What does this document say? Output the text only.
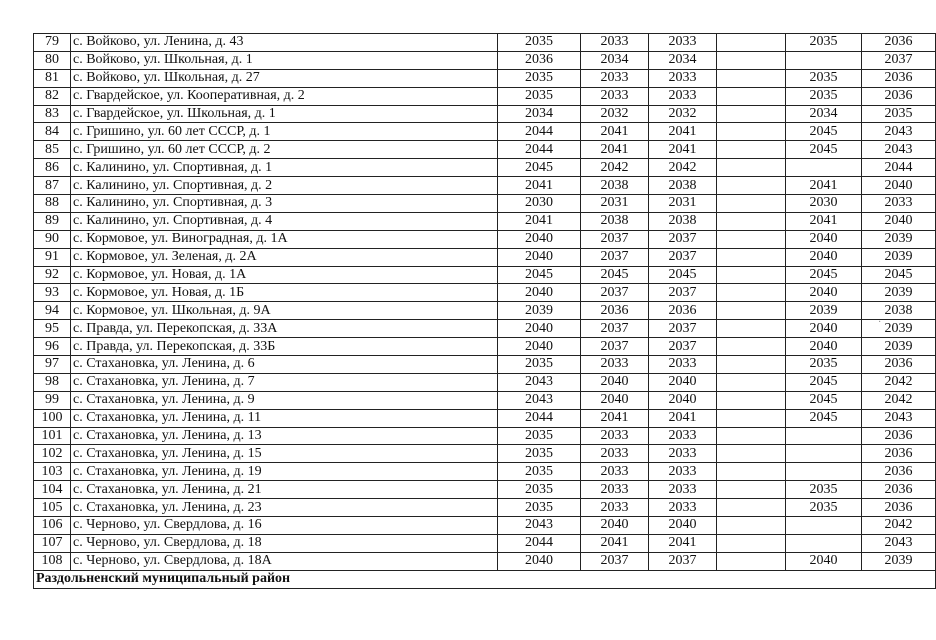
79	с. Войково, ул. Ленина, д. 43	2035	2033	2033		2035	2036
80	с. Войково, ул. Школьная, д. 1	2036	2034	2034			2037
81	с. Войково, ул. Школьная, д. 27	2035	2033	2033		2035	2036
82	с. Гвардейское, ул. Кооперативная, д. 2	2035	2033	2033		2035	2036
83	с. Гвардейское, ул. Школьная, д. 1	2034	2032	2032		2034	2035
84	с. Гришино, ул. 60 лет СССР, д. 1	2044	2041	2041		2045	2043
85	с. Гришино, ул. 60 лет СССР, д. 2	2044	2041	2041		2045	2043
86	с. Калинино, ул. Спортивная, д. 1	2045	2042	2042			2044
87	с. Калинино, ул. Спортивная, д. 2	2041	2038	2038		2041	2040
88	с. Калинино, ул. Спортивная, д. 3	2030	2031	2031		2030	2033
89	с. Калинино, ул. Спортивная, д. 4	2041	2038	2038		2041	2040
90	с. Кормовое, ул. Виноградная, д. 1А	2040	2037	2037		2040	2039
91	с. Кормовое, ул. Зеленая, д. 2А	2040	2037	2037		2040	2039
92	с. Кормовое, ул. Новая, д. 1А	2045	2045	2045		2045	2045
93	с. Кормовое, ул. Новая, д. 1Б	2040	2037	2037		2040	2039
94	с. Кормовое, ул. Школьная, д. 9А	2039	2036	2036		2039	2038
95	с. Правда, ул. Перекопская, д. 33А	2040	2037	2037		2040	2039
96	с. Правда, ул. Перекопская, д. 33Б	2040	2037	2037		2040	2039
97	с. Стахановка, ул. Ленина, д. 6	2035	2033	2033		2035	2036
98	с. Стахановка, ул. Ленина, д. 7	2043	2040	2040		2045	2042
99	с. Стахановка, ул. Ленина, д. 9	2043	2040	2040		2045	2042
100	с. Стахановка, ул. Ленина, д. 11	2044	2041	2041		2045	2043
101	с. Стахановка, ул. Ленина, д. 13	2035	2033	2033			2036
102	с. Стахановка, ул. Ленина, д. 15	2035	2033	2033			2036
103	с. Стахановка, ул. Ленина, д. 19	2035	2033	2033			2036
104	с. Стахановка, ул. Ленина, д. 21	2035	2033	2033		2035	2036
105	с. Стахановка, ул. Ленина, д. 23	2035	2033	2033		2035	2036
106	с. Черново, ул. Свердлова, д. 16	2043	2040	2040			2042
107	с. Черново, ул. Свердлова, д. 18	2044	2041	2041			2043
108	с. Черново, ул. Свердлова, д. 18А	2040	2037	2037		2040	2039
Раздольненский муниципальный район							
·
